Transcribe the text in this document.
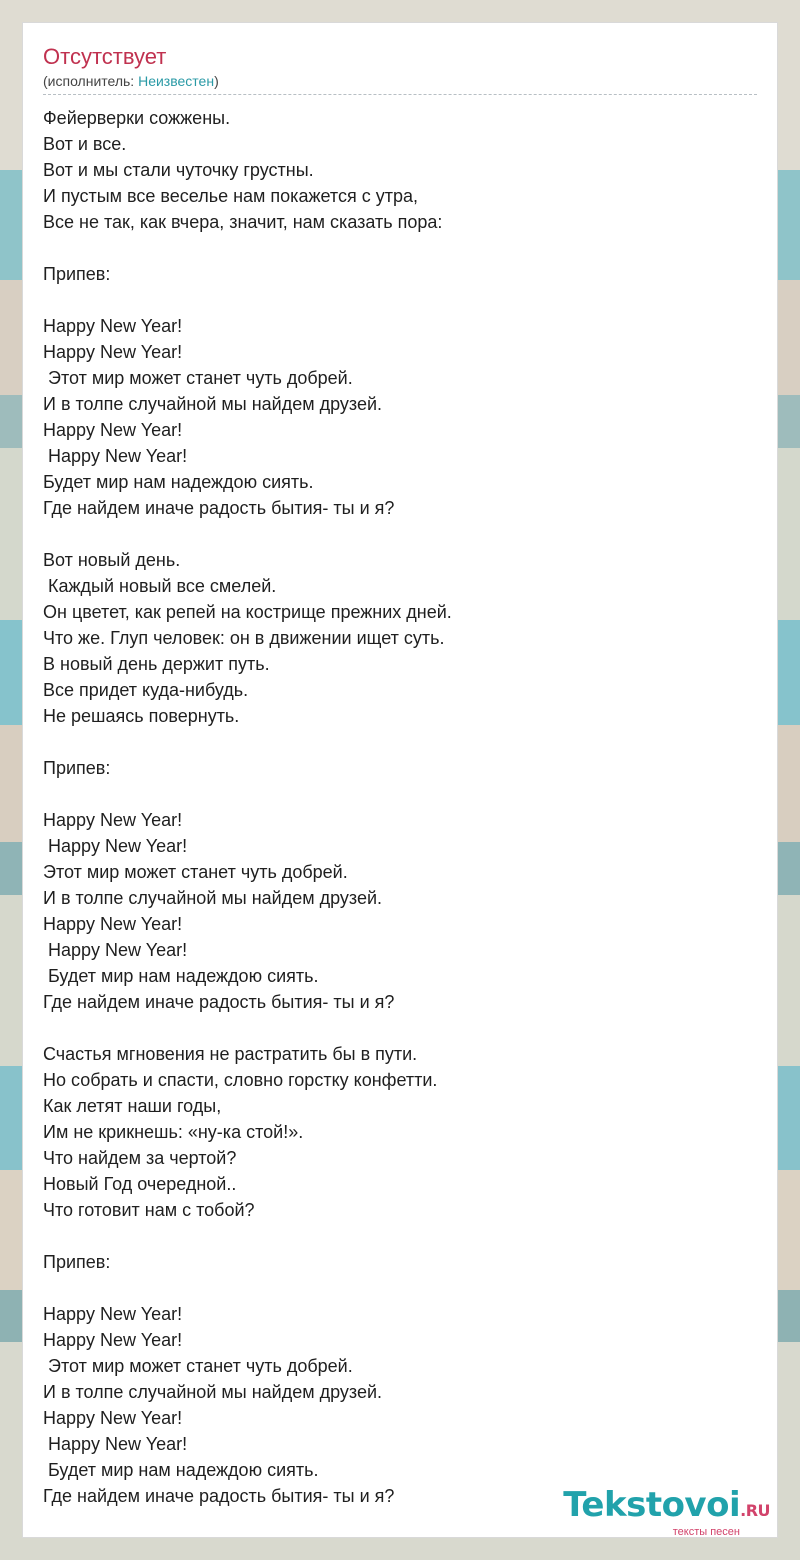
Отсутствует
(исполнитель: Неизвестен)
Фейерверки сожжены.
Вот и все.
Вот и мы стали чуточку грустны.
И пустым все веселье нам покажется с утра,
Все не так, как вчера, значит, нам сказать пора:
Припев:
Happy New Year!
Happy New Year!
Этот мир может станет чуть добрей.
И в толпе случайной мы найдем друзей.
Happy New Year!
Happy New Year!
Будет мир нам надеждою сиять.
Где найдем иначе радость бытия- ты и я?
Вот новый день.
Каждый новый все смелей.
Он цветет, как репей на кострище прежних дней.
Что же. Глуп человек: он в движении ищет суть.
В новый день держит путь.
Все придет куда-нибудь.
Не решаясь повернуть.
Припев:
Happy New Year!
Happy New Year!
Этот мир может станет чуть добрей.
И в толпе случайной мы найдем друзей.
Happy New Year!
Happy New Year!
Будет мир нам надеждою сиять.
Где найдем иначе радость бытия- ты и я?
Счастья мгновения не растратить бы в пути.
Но собрать и спасти, словно горстку конфетти.
Как летят наши годы,
Им не крикнешь: «ну-ка стой!».
Что найдем за чертой?
Новый Год очередной..
Что готовит нам с тобой?
Припев:
Happy New Year!
Happy New Year!
Этот мир может станет чуть добрей.
И в толпе случайной мы найдем друзей.
Happy New Year!
Happy New Year!
Будет мир нам надеждою сиять.
Где найдем иначе радость бытия- ты и я?	Tekstovoi.RU
тексты песен
